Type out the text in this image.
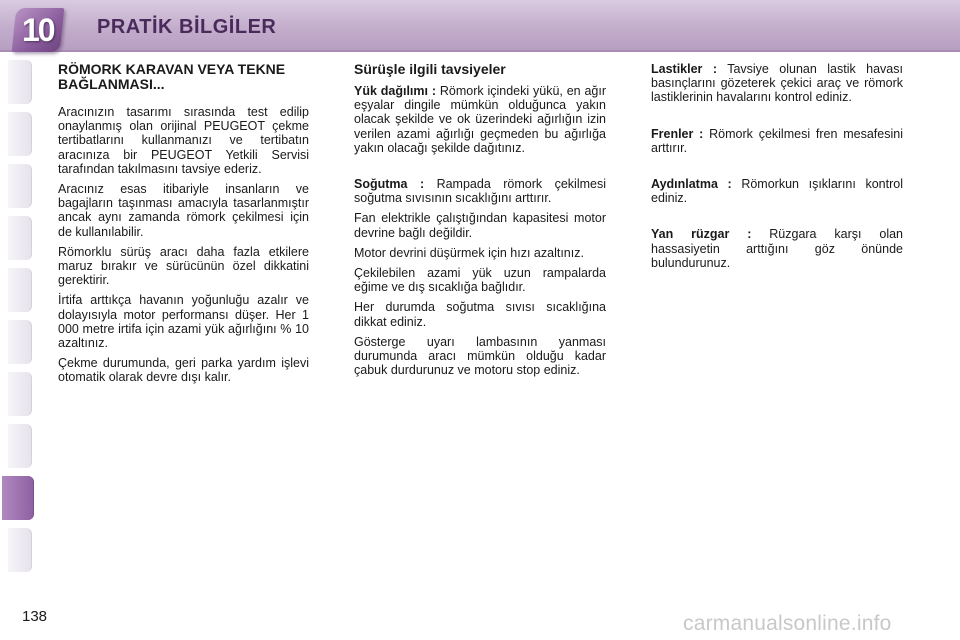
10 PRATİK BİLGİLER
RÖMORK KARAVAN VEYA TEKNE BAĞLANMASI...

Aracınızın tasarımı sırasında test edilip onaylanmış olan orijinal PEUGEOT çekme tertibatlarını kullanmanızı ve tertibatın aracınıza bir PEUGEOT Yetkili Servisi tarafından takılmasını tavsiye ederiz.

Aracınız esas itibariyle insanların ve bagajların taşınması amacıyla tasarlanmıştır ancak aynı zamanda römork çekilmesi için de kullanılabilir.

Römorklu sürüş aracı daha fazla etkilere maruz bırakır ve sürücünün özel dikkatini gerektirir.

İrtifa arttıkça havanın yoğunluğu azalır ve dolayısıyla motor performansı düşer. Her 1 000 metre irtifa için azami yük ağırlığını % 10 azaltınız.

Çekme durumunda, geri parka yardım işlevi otomatik olarak devre dışı kalır.

Sürüşle ilgili tavsiyeler

Yük dağılımı : Römork içindeki yükü, en ağır eşyalar dingile mümkün olduğunca yakın olacak şekilde ve ok üzerindeki ağırlığın izin verilen azami ağırlığı geçmeden bu ağırlığa yakın olacağı şekilde dağıtınız.

Soğutma : Rampada römork çekilmesi soğutma sıvısının sıcaklığını arttırır.

Fan elektrikle çalıştığından kapasitesi motor devrine bağlı değildir.

Motor devrini düşürmek için hızı azaltınız.

Çekilebilen azami yük uzun rampalarda eğime ve dış sıcaklığa bağlıdır.

Her durumda soğutma sıvısı sıcaklığına dikkat ediniz.

Gösterge uyarı lambasının yanması durumunda aracı mümkün olduğu kadar çabuk durdurunuz ve motoru stop ediniz.

Lastikler : Tavsiye olunan lastik havası basınçlarını gözeterek çekici araç ve römork lastiklerinin havalarını kontrol ediniz.

Frenler : Römork çekilmesi fren mesafesini arttırır.

Aydınlatma : Römorkun ışıklarını kontrol ediniz.

Yan rüzgar : Rüzgara karşı olan hassasiyetin arttığını göz önünde bulundurunuz.

138	carmanualsonline.info
